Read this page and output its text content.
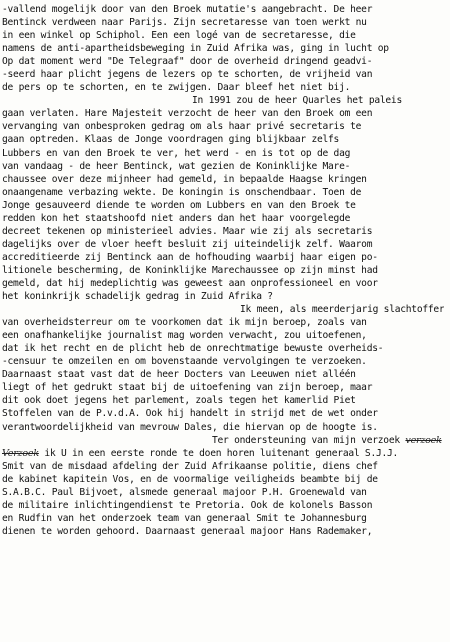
-vallend mogelijk door van den Broek mutatie's aangebracht. De heer
Bentinck verdween naar Parijs. Zijn secretaresse van toen werkt nu
in een winkel op Schiphol. Een een logé van de secretaresse, die
namens de anti-apartheidsbeweging in Zuid Afrika was, ging in lucht op
Op dat moment werd "De Telegraaf" door de overheid dringend geadvi-
-seerd haar plicht jegens de lezers op te schorten, de vrijheid van
de pers op te schorten, en te zwijgen. Daar bleef het niet bij.
In 1991 zou de heer Quarles het paleis
gaan verlaten. Hare Majesteit verzocht de heer van den Broek om een
vervanging van onbesproken gedrag om als haar privé secretaris te
gaan optreden. Klaas de Jonge voordragen ging blijkbaar zelfs
Lubbers en van den Broek te ver, het werd - en is tot op de dag
van vandaag - de heer Bentinck, wat gezien de Koninklijke Mare-
chaussee over deze mijnheer had gemeld, in bepaalde Haagse kringen
onaangename verbazing wekte. De koningin is onschendbaar. Toen de
Jonge gesauveerd diende te worden om Lubbers en van den Broek te
redden kon het staatshoofd niet anders dan het haar voorgelegde
decreet tekenen op ministerieel advies. Maar wie zij als secretaris
dagelijks over de vloer heeft besluit zij uiteindelijk zelf. Waarom
accreditieerde zij Bentinck aan de hofhouding waarbij haar eigen po-
litionele bescherming, de Koninklijke Marechaussee op zijn minst had
gemeld, dat hij medeplichtig was geweest aan onprofessioneel en voor
het koninkrijk schadelijk gedrag in Zuid Afrika ?
Ik meen, als meerderjarig slachtoffer
van overheidsterreur om te voorkomen dat ik mijn beroep, zoals van
een onafhankelijke journalist mag worden verwacht, zou uitoefenen,
dat ik het recht en de plicht heb de onrechtmatige bewuste overheids-
-censuur te omzeilen en om bovenstaande vervolgingen te verzoeken.
Daarnaast staat vast dat de heer Docters van Leeuwen niet alléén
liegt of het gedrukt staat bij de uitoefening van zijn beroep, maar
dit ook doet jegens het parlement, zoals tegen het kamerlid Piet
Stoffelen van de P.v.d.A. Ook hij handelt in strijd met de wet onder
verantwoordelijkheid van mevrouw Dales, die hiervan op de hoogte is.
Ter ondersteuning van mijn verzoek verzoek
Verzoek ik U in een eerste ronde te doen horen luitenant generaal S.J.J.
Smit van de misdaad afdeling der Zuid Afrikaanse politie, diens chef
de kabinet kapitein Vos, en de voormalige veiligheids beambte bij de
S.A.B.C. Paul Bijvoet, alsmede generaal majoor P.H. Groenewald van
de militaire inlichtingendienst te Pretoria. Ook de kolonels Basson
en Rudfin van het onderzoek team van generaal Smit te Johannesburg
dienen te worden gehoord. Daarnaast generaal majoor Hans Rademaker,
